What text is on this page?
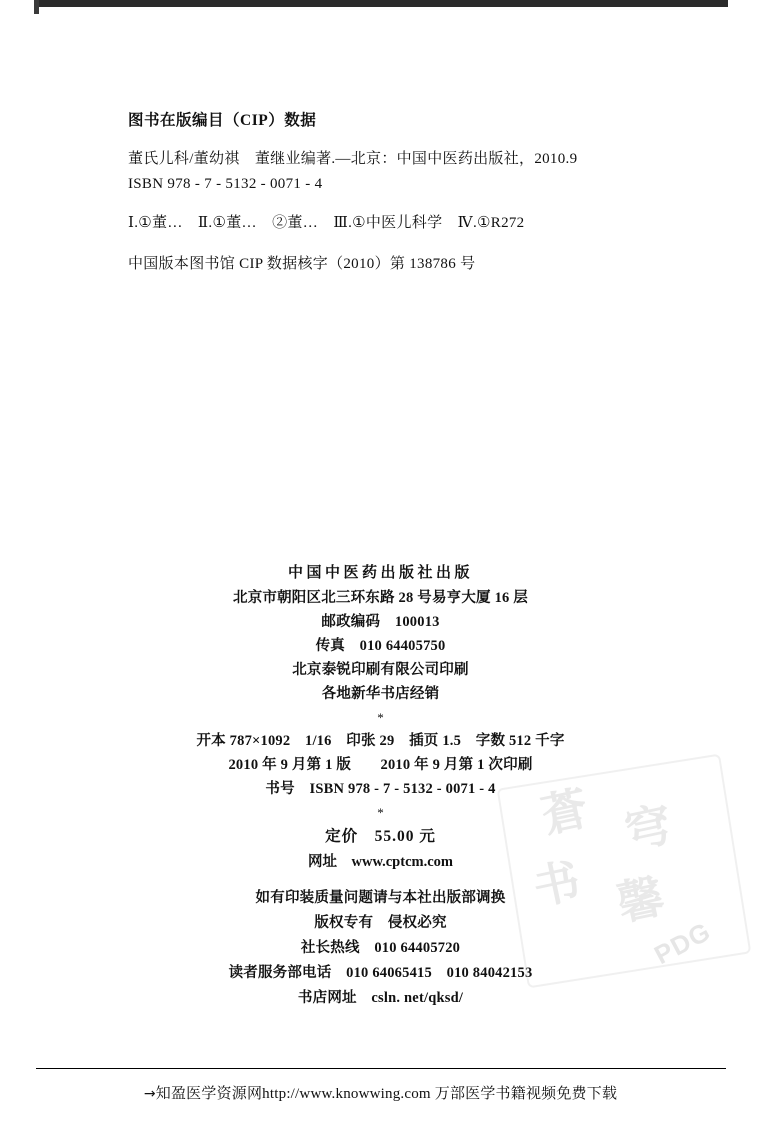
图书在版编目（CIP）数据
董氏儿科/董幼祺　董继业编著.—北京：中国中医药出版社，2010.9
ISBN 978 - 7 - 5132 - 0071 - 4
Ⅰ.①董…　Ⅱ.①董…　②董…　Ⅲ.①中医儿科学　Ⅳ.①R272
中国版本图书馆 CIP 数据核字（2010）第 138786 号
中国中医药出版社出版
北京市朝阳区北三环东路 28 号易亨大厦 16 层
邮政编码　100013
传真　010 64405750
北京泰锐印刷有限公司印刷
各地新华书店经销
*
开本 787×1092　1/16　印张 29　插页 1.5　字数 512 千字
2010 年 9 月第 1 版　　2010 年 9 月第 1 次印刷
书号　ISBN 978 - 7 - 5132 - 0071 - 4
*
定价　55.00 元
网址　www.cptcm.com
如有印装质量问题请与本社出版部调换
版权专有　侵权必究
社长热线　010 64405720
读者服务部电话　010 64065415　010 84042153
书店网址　csln. net/qksd/
蒼 穹
书 馨
PDG
→知盈医学资源网http://www.knowwing.com 万部医学书籍视频免费下载
